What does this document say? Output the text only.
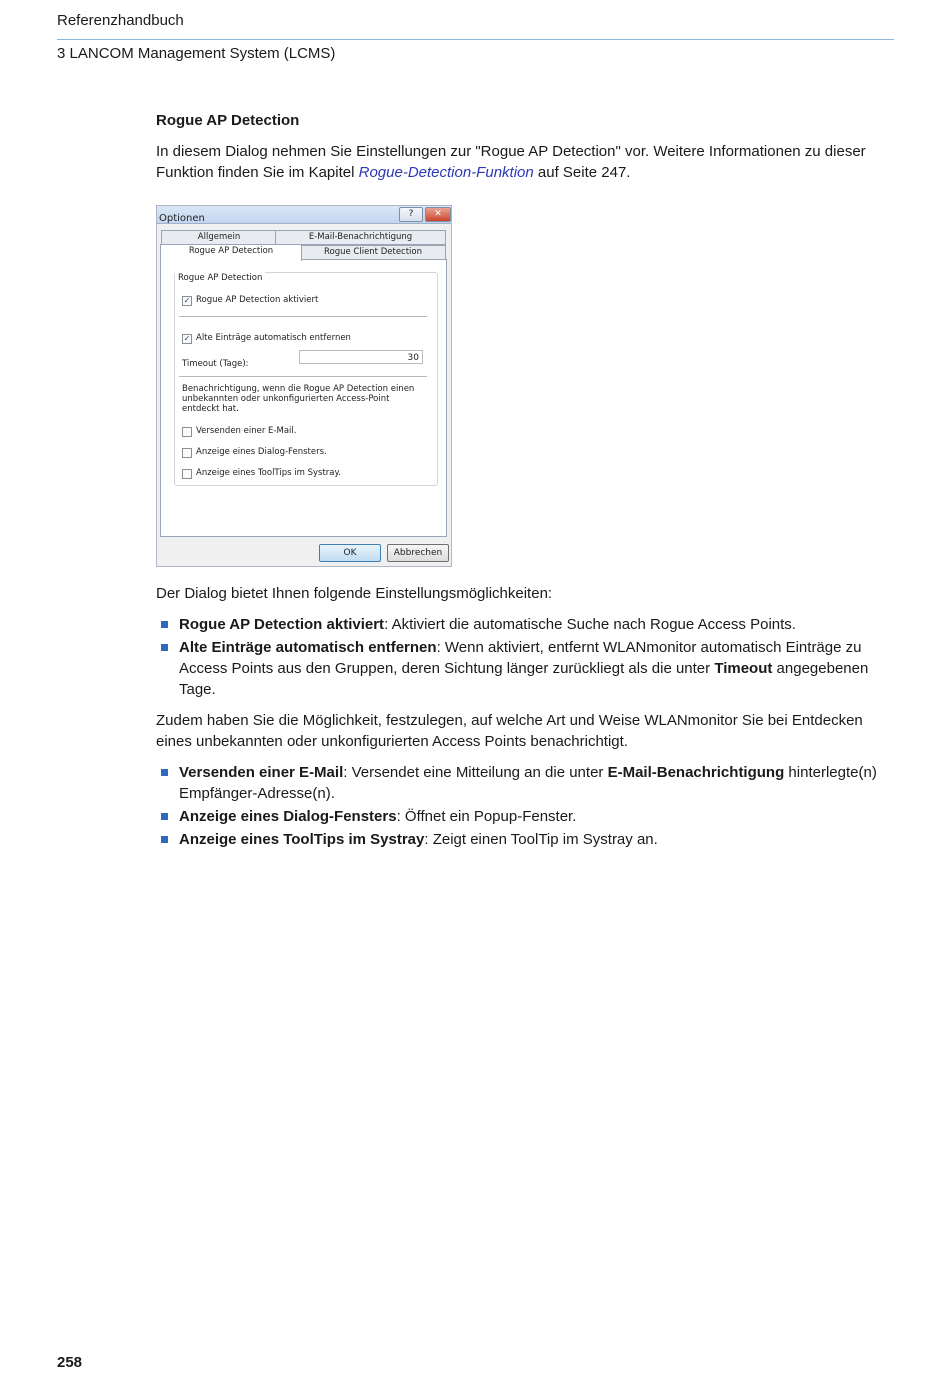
Referenzhandbuch
3 LANCOM Management System (LCMS)
Rogue AP Detection

In diesem Dialog nehmen Sie Einstellungen zur "Rogue AP Detection" vor. Weitere Informationen zu dieser Funktion finden Sie im Kapitel Rogue-Detection-Funktion auf Seite 247.

Optionen	?	✕
Allgemein	E-Mail-Benachrichtigung
Rogue AP Detection	Rogue Client Detection
Rogue AP Detection
✓ Rogue AP Detection aktiviert
✓ Alte Einträge automatisch entfernen
Timeout (Tage):
30
Benachrichtigung, wenn die Rogue AP Detection einen unbekannten oder unkonfigurierten Access-Point entdeckt hat.
Versenden einer E-Mail.
Anzeige eines Dialog-Fensters.
Anzeige eines ToolTips im Systray.
OK	Abbrechen

Der Dialog bietet Ihnen folgende Einstellungsmöglichkeiten:

Rogue AP Detection aktiviert: Aktiviert die automatische Suche nach Rogue Access Points.
Alte Einträge automatisch entfernen: Wenn aktiviert, entfernt WLANmonitor automatisch Einträge zu Access Points aus den Gruppen, deren Sichtung länger zurückliegt als die unter Timeout angegebenen Tage.

Zudem haben Sie die Möglichkeit, festzulegen, auf welche Art und Weise WLANmonitor Sie bei Entdecken eines unbekannten oder unkonfigurierten Access Points benachrichtigt.

Versenden einer E-Mail: Versendet eine Mitteilung an die unter E-Mail-Benachrichtigung hinterlegte(n) Empfänger-Adresse(n).
Anzeige eines Dialog-Fensters: Öffnet ein Popup-Fenster.
Anzeige eines ToolTips im Systray: Zeigt einen ToolTip im Systray an.
258
